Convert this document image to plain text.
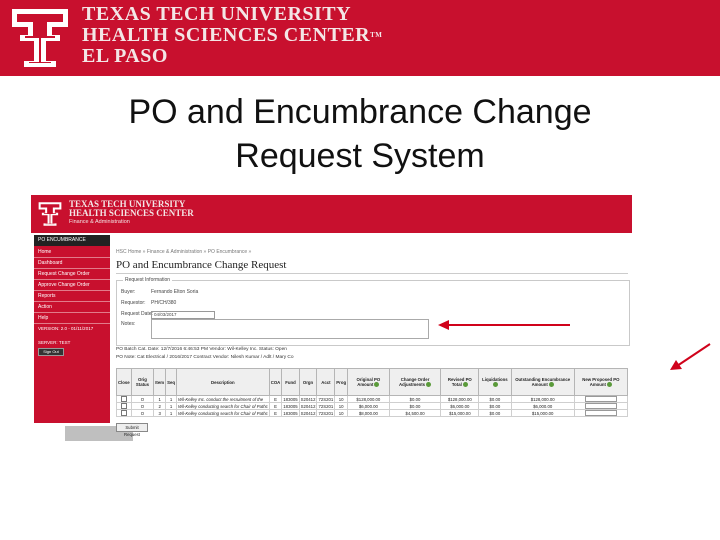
TEXAS TECH UNIVERSITY
HEALTH SCIENCES CENTER™
EL PASO
PO and Encumbrance Change
Request System
TEXAS TECH UNIVERSITY
HEALTH SCIENCES CENTER
Finance & Administration
PO ENCUMBRANCE
Home
Dashboard
Request Change Order
Approve Change Order
Reports
Action
Help
VERSION: 2.0 - 01/11/2017
SERVER: TEST
Sign Out
HSC Home » Finance & Administration » PO Encumbrance »
PO and Encumbrance Change Request
Request Information
Buyer:	Fernando Elton Soria
Requestor: PH/CH/380
Request Date: 04/03/2017
Notes:
PO Batch Cat. Date: 12/7/2016 6:46:53 PM Vendor: Wil-Kelley Inc. Status: Open
PO Note: Cat Electrical / 2016/2017 Contract Vendor: Nilesh Kumar / Adlt / Mary Co
Close	Orig Status	Item	Seq	Description	COA	Fund	Orgn	Acct	Prog	Original PO Amount	Change Order Adjustments	Revised PO Total	Liquidations	Outstanding Encumbrance Amount	New Proposed PO Amount
	O	1	1	Wil-Kelley Inc. conduct the recruitment of the	E	183005	S20412	72S201	10	$128,000.00	$0.00	$128,000.00	$0.00	$128,000.00	
	O	2	1	Wil-Kelley conducting search for Chair of Pathc	E	183005	S20412	72S201	10	$6,000.00	$0.00	$6,000.00	$0.00	$6,000.00	
	O	3	1	Wil-Kelley conducting search for Chair of Pathc	E	183005	S20412	72S201	10	$8,000.00	$4,500.00	$15,000.00	$0.00	$15,000.00	
Submit Request
